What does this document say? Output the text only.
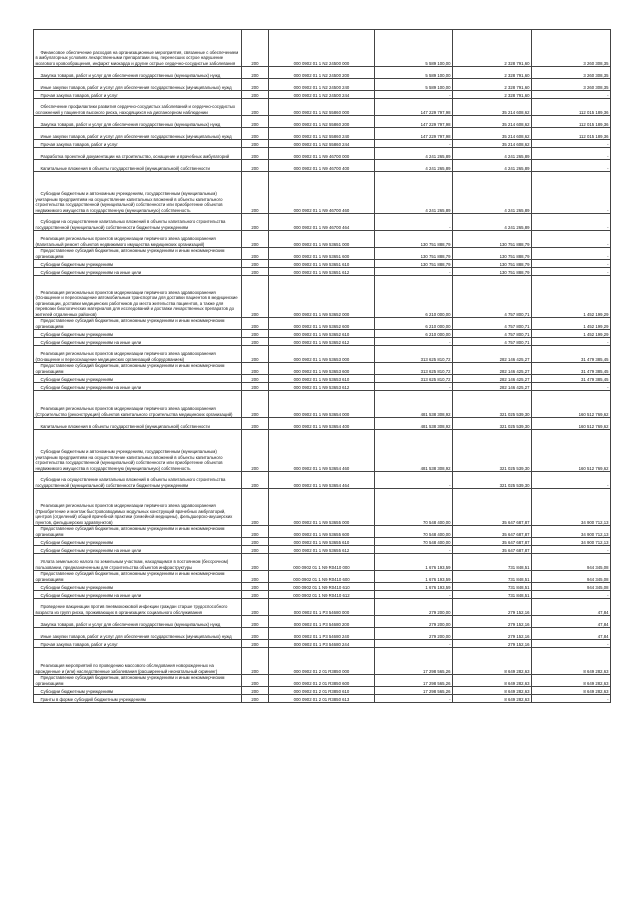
Финансовое обеспечение расходов на организационные мероприятия, связанные с обеспечением в амбулаторных условиях лекарственными препаратами лиц, перенесших острое нарушение мозгового кровообращения, инфаркт миокарда и другие острые сердечно-сосудистые заболевания	200	000 0902 01 1 N2 24500 000	5 589 100,00	2 328 791,60	3 260 308,35

Закупка товаров, работ и услуг для обеспечения государственных (муниципальных) нужд	200	000 0902 01 1 N2 24500 200	5 589 100,00	2 328 791,60	3 260 308,35

Иные закупки товаров, работ и услуг для обеспечения государственных (муниципальных) нужд	200	000 0902 01 1 N2 24500 240	5 589 100,00	2 328 791,60	3 260 308,35

Прочая закупка товаров, работ и услуг	200	000 0902 01 1 N2 24500 244	-	2 328 791,60	-

Обеспечение профилактики развития сердечно-сосудистых заболеваний и сердечно-сосудистых осложнений у пациентов высокого риска, находящихся на диспансерном наблюдении	200	000 0902 01 1 N2 55860 000	147 229 797,98	35 214 608,62	112 015 189,36

Закупка товаров, работ и услуг для обеспечения государственных (муниципальных) нужд	200	000 0902 01 1 N2 55860 200	147 229 797,98	35 214 608,62	112 015 189,36

Иные закупки товаров, работ и услуг для обеспечения государственных (муниципальных) нужд	200	000 0902 01 1 N2 55860 240	147 229 797,98	35 214 608,62	112 015 189,36

Прочая закупка товаров, работ и услуг	200	000 0902 01 1 N2 55860 244	-	35 214 608,62	-

Разработка проектной документации на строительство, оснащение и врачебных амбулаторий	200	000 0902 01 1 N9 46700 000	4 241 265,89	4 241 265,89	-

Капитальные вложения в объекты государственной (муниципальной) собственности	200	000 0902 01 1 N9 46700 400	4 241 265,89	4 241 265,89	-

Субсидии бюджетным и автономным учреждениям, государственным (муниципальным) унитарным предприятиям на осуществление капитальных вложений в объекты капитального строительства государственной (муниципальной) собственности или приобретение объектов недвижимого имущества в государственную (муниципальную) собственность	200	000 0902 01 1 N9 46700 460	4 241 265,89	4 241 265,89	-

Субсидии на осуществление капитальных вложений в объекты капитального строительства государственной (муниципальной) собственности бюджетным учреждениям	200	000 0902 01 1 N9 46700 464	-	4 241 265,89	-

Реализация региональных проектов модернизации первичного звена здравоохранения (Капитальный ремонт объектов недвижимого имущества медицинских организаций)	200	000 0902 01 1 N9 53651 000	130 751 888,79	130 751 888,79	-

Предоставление субсидий бюджетным, автономным учреждениям и иным некоммерческим организациям	200	000 0902 01 1 N9 53651 600	130 751 888,79	130 751 888,79	-

Субсидии бюджетным учреждениям	200	000 0902 01 1 N9 53651 610	130 751 888,79	130 751 888,79	-

Субсидии бюджетным учреждениям на иные цели	200	000 0902 01 1 N9 53651 612	-	130 751 888,79	-

Реализация региональных проектов модернизации первичного звена здравоохранения (Оснащение и переоснащение автомобильным транспортом для доставки пациентов в медицинские организации, доставки медицинских работников до места жительства пациентов, а также для перевозки биологических материалов для исследований и доставки лекарственных препаратов до жителей отдаленных районов)	200	000 0902 01 1 N9 53652 000	6 210 000,00	4 757 800,71	1 452 199,29

Предоставление субсидий бюджетным, автономным учреждениям и иным некоммерческим организациям	200	000 0902 01 1 N9 53652 600	6 210 000,00	4 757 800,71	1 452 199,29

Субсидии бюджетным учреждениям	200	000 0902 01 1 N9 53652 610	6 210 000,00	4 757 800,71	1 452 199,29

Субсидии бюджетным учреждениям на иные цели	200	000 0902 01 1 N9 53652 612	-	4 757 800,71	-

Реализация региональных проектов модернизации первичного звена здравоохранения (Оснащение и переоснащение медицинских организаций оборудованием)	200	000 0902 01 1 N9 53653 000	313 625 810,72	282 146 425,27	31 479 385,45

Предоставление субсидий бюджетным, автономным учреждениям и иным некоммерческим организациям	200	000 0902 01 1 N9 53653 600	313 625 810,72	282 146 425,27	31 479 385,45

Субсидии бюджетным учреждениям	200	000 0902 01 1 N9 53653 610	313 625 810,72	282 146 425,27	31 479 385,45

Субсидии бюджетным учреждениям на иные цели	200	000 0902 01 1 N9 53653 612	-	282 146 425,27	-

Реализация региональных проектов модернизации первичного звена здравоохранения (Строительство (реконструкция) объектов капитального строительства медицинских организаций)	200	000 0902 01 1 N9 53654 000	481 538 308,92	321 025 539,30	160 512 769,62

Капитальные вложения в объекты государственной (муниципальной) собственности	200	000 0902 01 1 N9 53654 400	481 538 308,92	321 025 539,30	160 512 769,62

Субсидии бюджетным и автономным учреждениям, государственным (муниципальным) унитарным предприятиям на осуществление капитальных вложений в объекты капитального строительства государственной (муниципальной) собственности или приобретение объектов недвижимого имущества в государственную (муниципальную) собственность	200	000 0902 01 1 N9 53654 460	481 538 308,92	321 025 539,30	160 512 769,62

Субсидии на осуществление капитальных вложений в объекты капитального строительства государственной (муниципальной) собственности бюджетным учреждениям	200	000 0902 01 1 N9 53654 464	-	321 025 539,30	-

Реализация региональных проектов модернизации первичного звена здравоохранения (Приобретение и монтаж быстровозводимых модульных конструкций врачебных амбулаторий, центров (отделений) общей врачебной практики (семейной медицины), фельдшерско-акушерских пунктов, фельдшерских здравпунктов)	200	000 0902 01 1 N9 53655 000	70 548 400,00	35 647 687,87	34 900 712,13

Предоставление субсидий бюджетным, автономным учреждениям и иным некоммерческим организациям	200	000 0902 01 1 N9 53655 600	70 548 400,00	35 647 687,87	34 900 712,13

Субсидии бюджетным учреждениям	200	000 0902 01 1 N9 53655 610	70 548 400,00	35 647 687,87	34 900 712,13

Субсидии бюджетным учреждениям на иные цели	200	000 0902 01 1 N9 53655 612	-	35 647 687,87	-

Уплата земельного налога по земельным участкам, находящимся в постоянном (бессрочном) пользовании, предназначенным для строительства объектов инфраструктуры	200	000 0902 01 1 N9 R0410 000	1 676 193,59	731 848,51	944 345,08

Предоставление субсидий бюджетным, автономным учреждениям и иным некоммерческим организациям	200	000 0902 01 1 N9 R0410 600	1 676 193,59	731 848,51	944 345,08

Субсидии бюджетным учреждениям	200	000 0902 01 1 N9 R0410 610	1 676 193,59	731 848,51	944 345,08

Субсидии бюджетным учреждениям на иные цели	200	000 0902 01 1 N9 R0410 612	-	731 848,51	-

Проведение вакцинации против пневмококковой инфекции граждан старше трудоспособного возраста из групп риска, проживающих в организациях социального обслуживания	200	000 0902 01 1 P3 54680 000	279 200,00	279 152,16	47,84

Закупка товаров, работ и услуг для обеспечения государственных (муниципальных) нужд	200	000 0902 01 1 P3 54680 200	279 200,00	279 152,16	47,84

Иные закупки товаров, работ и услуг для обеспечения государственных (муниципальных) нужд	200	000 0902 01 1 P3 54680 240	279 200,00	279 152,16	47,84

Прочая закупка товаров, работ и услуг	200	000 0902 01 1 P3 54680 244	-	279 152,16	-

Реализация мероприятий по проведению массового обследования новорожденных на врожденные и (или) наследственные заболевания (расширенный неонатальный скрининг)	200	000 0902 01 2 01 R3850 000	17 298 565,26	8 649 282,63	8 649 282,63

Предоставление субсидий бюджетным, автономным учреждениям и иным некоммерческим организациям	200	000 0902 01 2 01 R3850 600	17 298 565,26	8 649 282,63	8 649 282,63

Субсидии бюджетным учреждениям	200	000 0902 01 2 01 R3850 610	17 298 565,26	8 649 282,63	8 649 282,63

Гранты в форме субсидий бюджетным учреждениям	200	000 0902 01 2 01 R3850 613	-	8 649 282,63	-
